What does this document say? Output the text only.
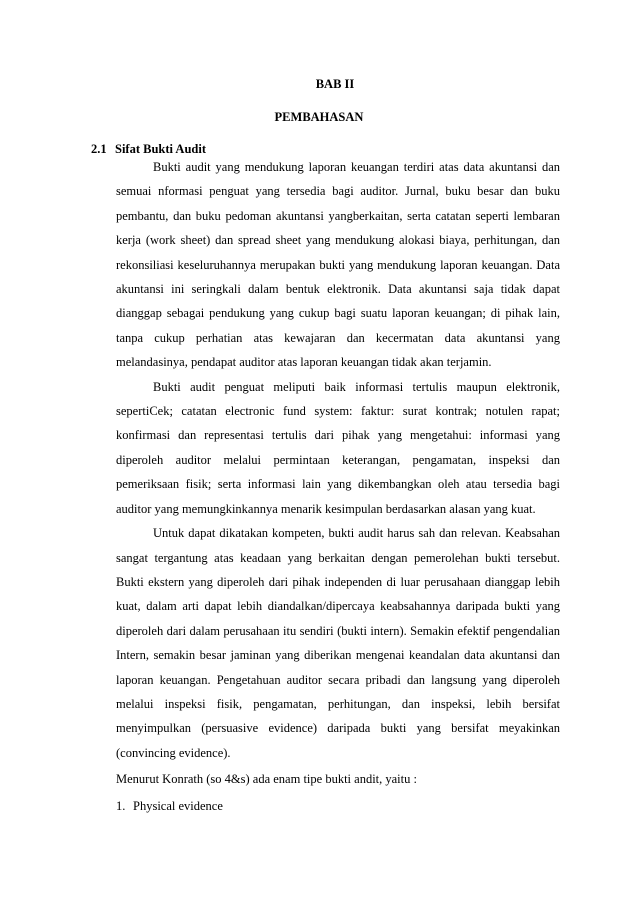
BAB II
PEMBAHASAN
2.1 Sifat Bukti Audit

Bukti audit yang mendukung laporan keuangan terdiri atas data akuntansi dan semuai nformasi penguat yang tersedia bagi auditor. Jurnal, buku besar dan buku pembantu, dan buku pedoman akuntansi yangberkaitan, serta catatan seperti lembaran kerja (work sheet) dan spread sheet yang mendukung alokasi biaya, perhitungan, dan rekonsiliasi keseluruhannya merupakan bukti yang mendukung laporan keuangan. Data akuntansi ini seringkali dalam bentuk elektronik. Data akuntansi saja tidak dapat dianggap sebagai pendukung yang cukup bagi suatu laporan keuangan; di pihak lain, tanpa cukup perhatian atas kewajaran dan kecermatan data akuntansi yang melandasinya, pendapat auditor atas laporan keuangan tidak akan terjamin.

Bukti audit penguat meliputi baik informasi tertulis maupun elektronik, sepertiCek; catatan electronic fund system: faktur: surat kontrak; notulen rapat; konfirmasi dan representasi tertulis dari pihak yang mengetahui: informasi yang diperoleh auditor melalui permintaan keterangan, pengamatan, inspeksi dan pemeriksaan fisik; serta informasi lain yang dikembangkan oleh atau tersedia bagi auditor yang memungkinkannya menarik kesimpulan berdasarkan alasan yang kuat.

Untuk dapat dikatakan kompeten, bukti audit harus sah dan relevan. Keabsahan sangat tergantung atas keadaan yang berkaitan dengan pemerolehan bukti tersebut. Bukti ekstern yang diperoleh dari pihak independen di luar perusahaan dianggap lebih kuat, dalam arti dapat lebih diandalkan/dipercaya keabsahannya daripada bukti yang diperoleh dari dalam perusahaan itu sendiri (bukti intern). Semakin efektif pengendalian Intern, semakin besar jaminan yang diberikan mengenai keandalan data akuntansi dan laporan keuangan. Pengetahuan auditor secara pribadi dan langsung yang diperoleh melalui inspeksi fisik, pengamatan, perhitungan, dan inspeksi, lebih bersifat menyimpulkan (persuasive evidence) daripada bukti yang bersifat meyakinkan (convincing evidence).

Menurut Konrath (so 4&s) ada enam tipe bukti andit, yaitu :

1. Physical evidence
